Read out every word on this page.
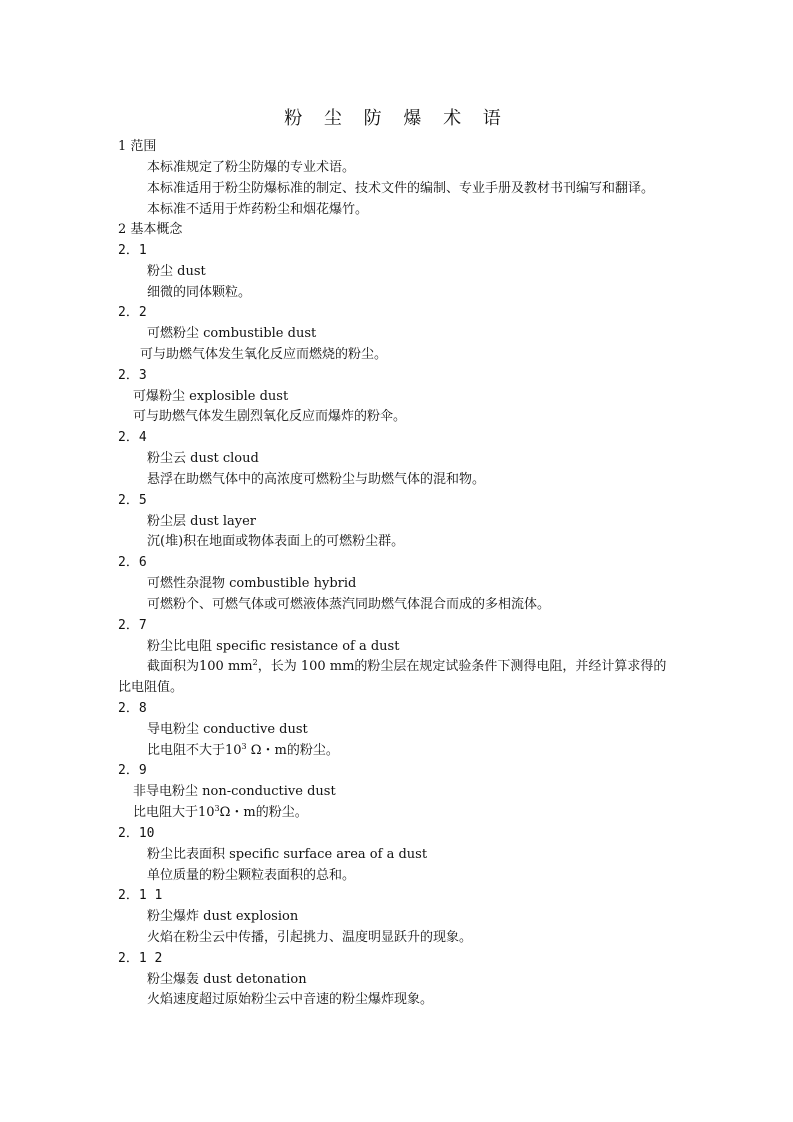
粉 尘 防 爆 术 语
1 范围
本标准规定了粉尘防爆的专业术语。
本标准适用于粉尘防爆标准的制定、技术文件的编制、专业手册及教材书刊编写和翻译。
本标准不适用于炸药粉尘和烟花爆竹。
2 基本概念
2．1
粉尘 dust
细微的同体颗粒。
2．2
可燃粉尘 combustible dust
可与助燃气体发生氧化反应而燃烧的粉尘。
2．3
可爆粉尘 explosible dust
可与助燃气体发生剧烈氧化反应而爆炸的粉伞。
2．4
粉尘云 dust cloud
悬浮在助燃气体中的高浓度可燃粉尘与助燃气体的混和物。
2．5
粉尘层 dust layer
沉(堆)积在地面或物体表面上的可燃粉尘群。
2．6
可燃性杂混物 combustible hybrid
可燃粉个、可燃气体或可燃液体蒸汽同助燃气体混合而成的多相流体。
2．7
粉尘比电阻 specific resistance of a dust
截面积为100 $mm^2$，长为 100 mm的粉尘层在规定试验条件下测得电阻，并经计算求得的
比电阻值。
2．8
导电粉尘 conductive dust
比电阻不大于$10^3$ Ω・m的粉尘。
2．9
非导电粉尘 non-conductive dust
比电阻大于$10^3\Omega$・m的粉尘。
2．10
粉尘比表面积 specific surface area of a dust
单位质量的粉尘颗粒表面积的总和。
2．1 1
粉尘爆炸 dust explosion
火焰在粉尘云中传播，引起挑力、温度明显跃升的现象。
2．1 2
粉尘爆轰 dust detonation
火焰速度超过原始粉尘云中音速的粉尘爆炸现象。
